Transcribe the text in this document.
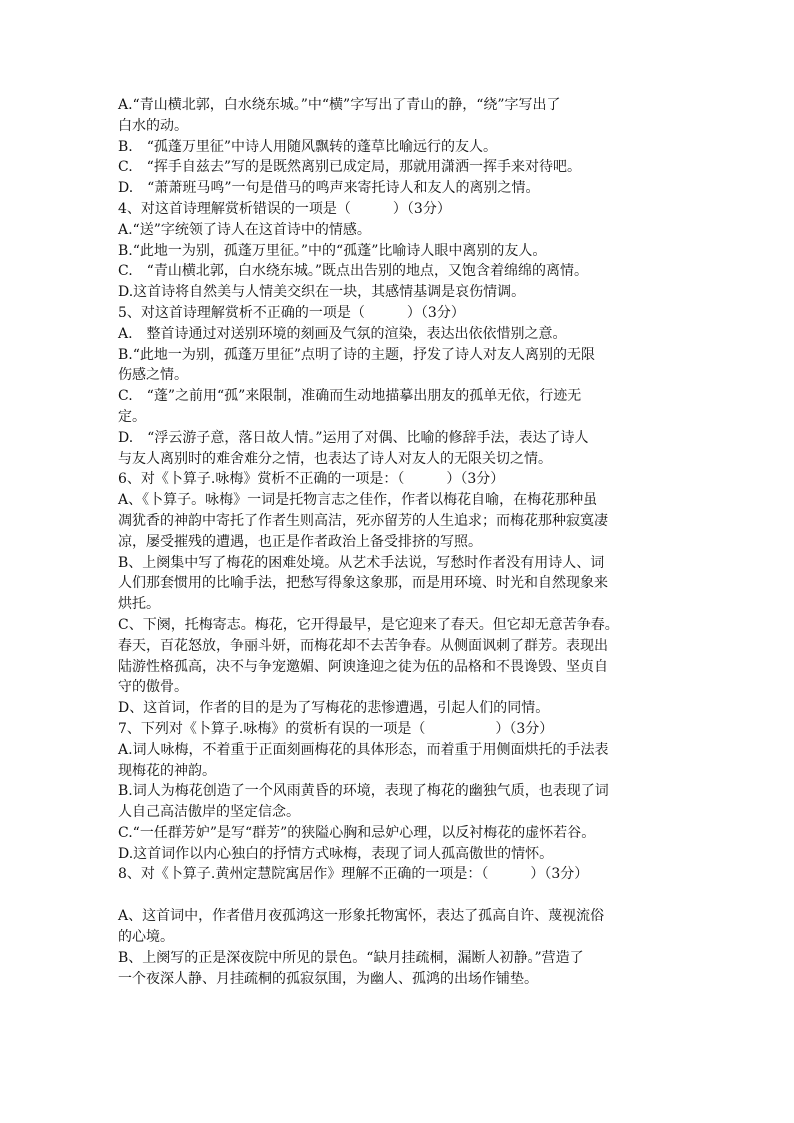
A.“青山横北郭，白水绕东城。”中“横”字写出了青山的静，“绕”字写出了
白水的动。
B.　“孤蓬万里征”中诗人用随风飘转的蓬草比喻远行的友人。
C.　“挥手自兹去”写的是既然离别已成定局，那就用潇洒一挥手来对待吧。
D.　“萧萧班马鸣”一句是借马的鸣声来寄托诗人和友人的离别之情。
4、对这首诗理解赏析错误的一项是（　　　）（3分）
A.“送”字统领了诗人在这首诗中的情感。
B.“此地一为别，孤蓬万里征。”中的“孤蓬”比喻诗人眼中离别的友人。
C.　“青山横北郭，白水绕东城。”既点出告别的地点，又饱含着绵绵的离情。
D.这首诗将自然美与人情美交织在一块，其感情基调是哀伤情调。
5、对这首诗理解赏析不正确的一项是（　　　）（3分）
A.　整首诗通过对送别环境的刻画及气氛的渲染，表达出依依惜别之意。
B.“此地一为别，孤蓬万里征”点明了诗的主题，抒发了诗人对友人离别的无限
伤感之情。
C.　“蓬”之前用“孤”来限制，准确而生动地描摹出朋友的孤单无依，行迹无
定。
D.　“浮云游子意，落日故人情。”运用了对偶、比喻的修辞手法，表达了诗人
与友人离别时的难舍难分之情，也表达了诗人对友人的无限关切之情。
6、对《卜算子.咏梅》赏析不正确的一项是：（　　　）（3分）
A、《卜算子。咏梅》一词是托物言志之佳作，作者以梅花自喻，在梅花那种虽
凋犹香的神韵中寄托了作者生则高洁，死亦留芳的人生追求；而梅花那种寂寞凄
凉，屡受摧残的遭遇，也正是作者政治上备受排挤的写照。
B、上阕集中写了梅花的困难处境。从艺术手法说，写愁时作者没有用诗人、词
人们那套惯用的比喻手法，把愁写得象这象那，而是用环境、时光和自然现象来
烘托。
C、下阕，托梅寄志。梅花，它开得最早，是它迎来了春天。但它却无意苦争春。
春天，百花怒放，争丽斗妍，而梅花却不去苦争春。从侧面讽刺了群芳。表现出
陆游性格孤高，决不与争宠邀媚、阿谀逢迎之徒为伍的品格和不畏谗毁、坚贞自
守的傲骨。
D、这首词，作者的目的是为了写梅花的悲惨遭遇，引起人们的同情。
7、下列对《卜算子.咏梅》的赏析有误的一项是（　　　　　）（3分）
A.词人咏梅，不着重于正面刻画梅花的具体形态，而着重于用侧面烘托的手法表
现梅花的神韵。
B.词人为梅花创造了一个风雨黄昏的环境，表现了梅花的幽独气质，也表现了词
人自己高洁傲岸的坚定信念。
C.“一任群芳妒”是写“群芳”的狭隘心胸和忌妒心理，以反衬梅花的虚怀若谷。
D.这首词作以内心独白的抒情方式咏梅，表现了词人孤高傲世的情怀。
8、对《卜算子.黄州定慧院寓居作》理解不正确的一项是：（　　　）（3分）
A、这首词中，作者借月夜孤鸿这一形象托物寓怀，表达了孤高自许、蔑视流俗
的心境。
B、上阕写的正是深夜院中所见的景色。“缺月挂疏桐，漏断人初静。”营造了
一个夜深人静、月挂疏桐的孤寂氛围，为幽人、孤鸿的出场作铺垫。
